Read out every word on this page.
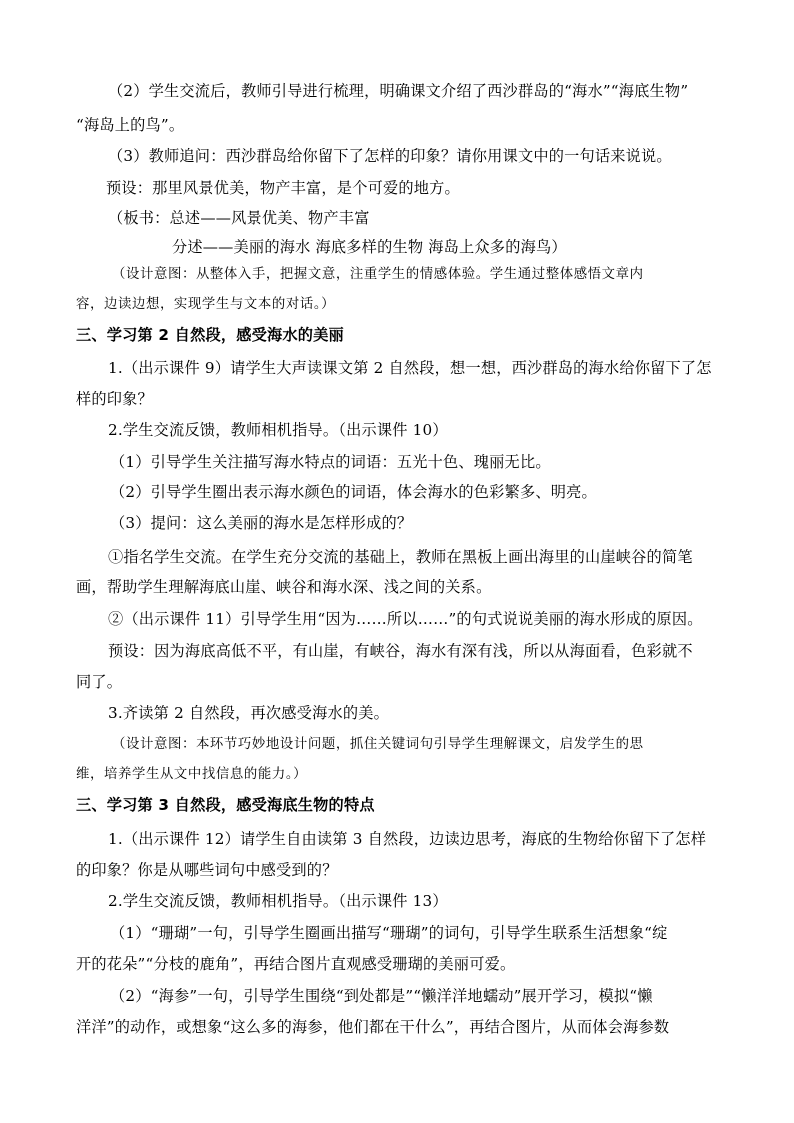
（2）学生交流后，教师引导进行梳理，明确课文介绍了西沙群岛的“海水”“海底生物”
“海岛上的鸟”。
（3）教师追问：西沙群岛给你留下了怎样的印象？请你用课文中的一句话来说说。
预设：那里风景优美，物产丰富，是个可爱的地方。
（板书：总述——风景优美、物产丰富
分述——美丽的海水 海底多样的生物 海岛上众多的海鸟）
（设计意图：从整体入手，把握文意，注重学生的情感体验。学生通过整体感悟文章内
容，边读边想，实现学生与文本的对话。）
三、学习第 2 自然段，感受海水的美丽
1.（出示课件 9）请学生大声读课文第 2 自然段，想一想，西沙群岛的海水给你留下了怎
样的印象？
2.学生交流反馈，教师相机指导。（出示课件 10）
（1）引导学生关注描写海水特点的词语：五光十色、瑰丽无比。
（2）引导学生圈出表示海水颜色的词语，体会海水的色彩繁多、明亮。
（3）提问：这么美丽的海水是怎样形成的？
①指名学生交流。在学生充分交流的基础上，教师在黑板上画出海里的山崖峡谷的简笔
画，帮助学生理解海底山崖、峡谷和海水深、浅之间的关系。
②（出示课件 11）引导学生用“因为……所以……”的句式说说美丽的海水形成的原因。
预设：因为海底高低不平，有山崖，有峡谷，海水有深有浅，所以从海面看，色彩就不
同了。
3.齐读第 2 自然段，再次感受海水的美。
（设计意图：本环节巧妙地设计问题，抓住关键词句引导学生理解课文，启发学生的思
维，培养学生从文中找信息的能力。）
三、学习第 3 自然段，感受海底生物的特点
1.（出示课件 12）请学生自由读第 3 自然段，边读边思考，海底的生物给你留下了怎样
的印象？你是从哪些词句中感受到的？
2.学生交流反馈，教师相机指导。（出示课件 13）
（1）“珊瑚”一句，引导学生圈画出描写“珊瑚”的词句，引导学生联系生活想象“绽
开的花朵”“分枝的鹿角”，再结合图片直观感受珊瑚的美丽可爱。
（2）“海参”一句，引导学生围绕“到处都是”“懒洋洋地蠕动”展开学习，模拟“懒
洋洋”的动作，或想象“这么多的海参，他们都在干什么”，再结合图片，从而体会海参数
